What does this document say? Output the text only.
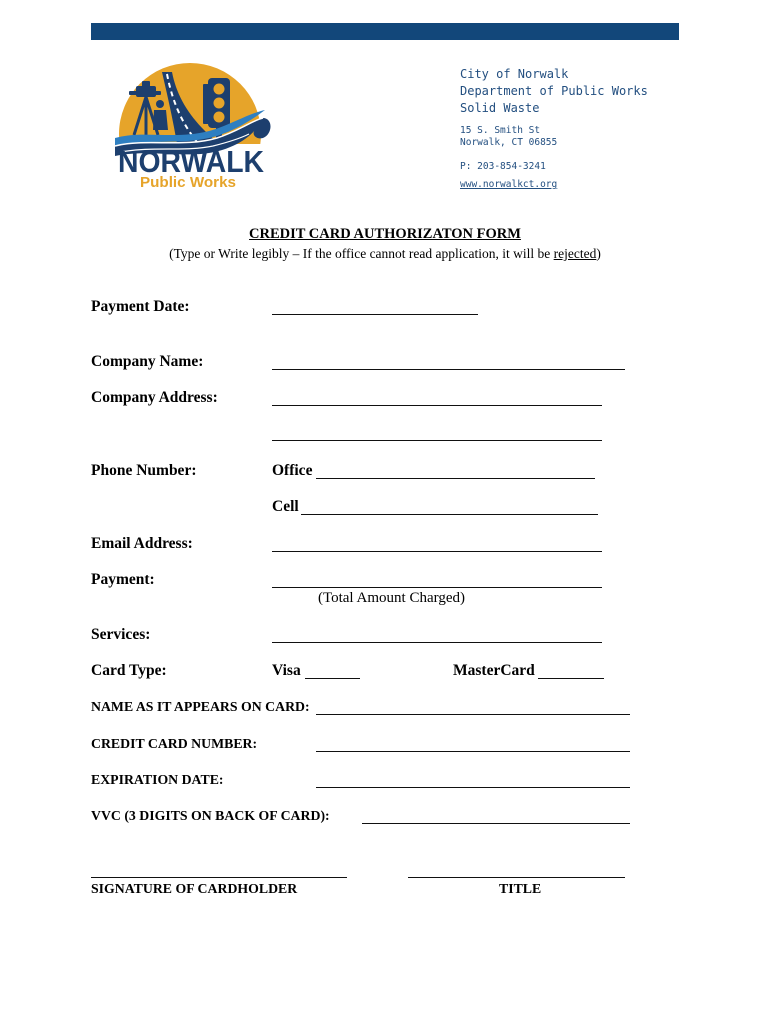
NORWALK
Public Works
City of Norwalk
Department of Public Works
Solid Waste
15 S. Smith St
Norwalk, CT 06855
P: 203-854-3241
www.norwalkct.org
CREDIT CARD AUTHORIZATON FORM
(Type or Write legibly – If the office cannot read application, it will be rejected)
Payment Date:
Company Name:
Company Address:
Phone Number:	Office
Cell
Email Address:
Payment:
(Total Amount Charged)
Services:
Card Type:	Visa	MasterCard
NAME AS IT APPEARS ON CARD:
CREDIT CARD NUMBER:
EXPIRATION DATE:
VVC (3 DIGITS ON BACK OF CARD):
SIGNATURE OF CARDHOLDER	TITLE
